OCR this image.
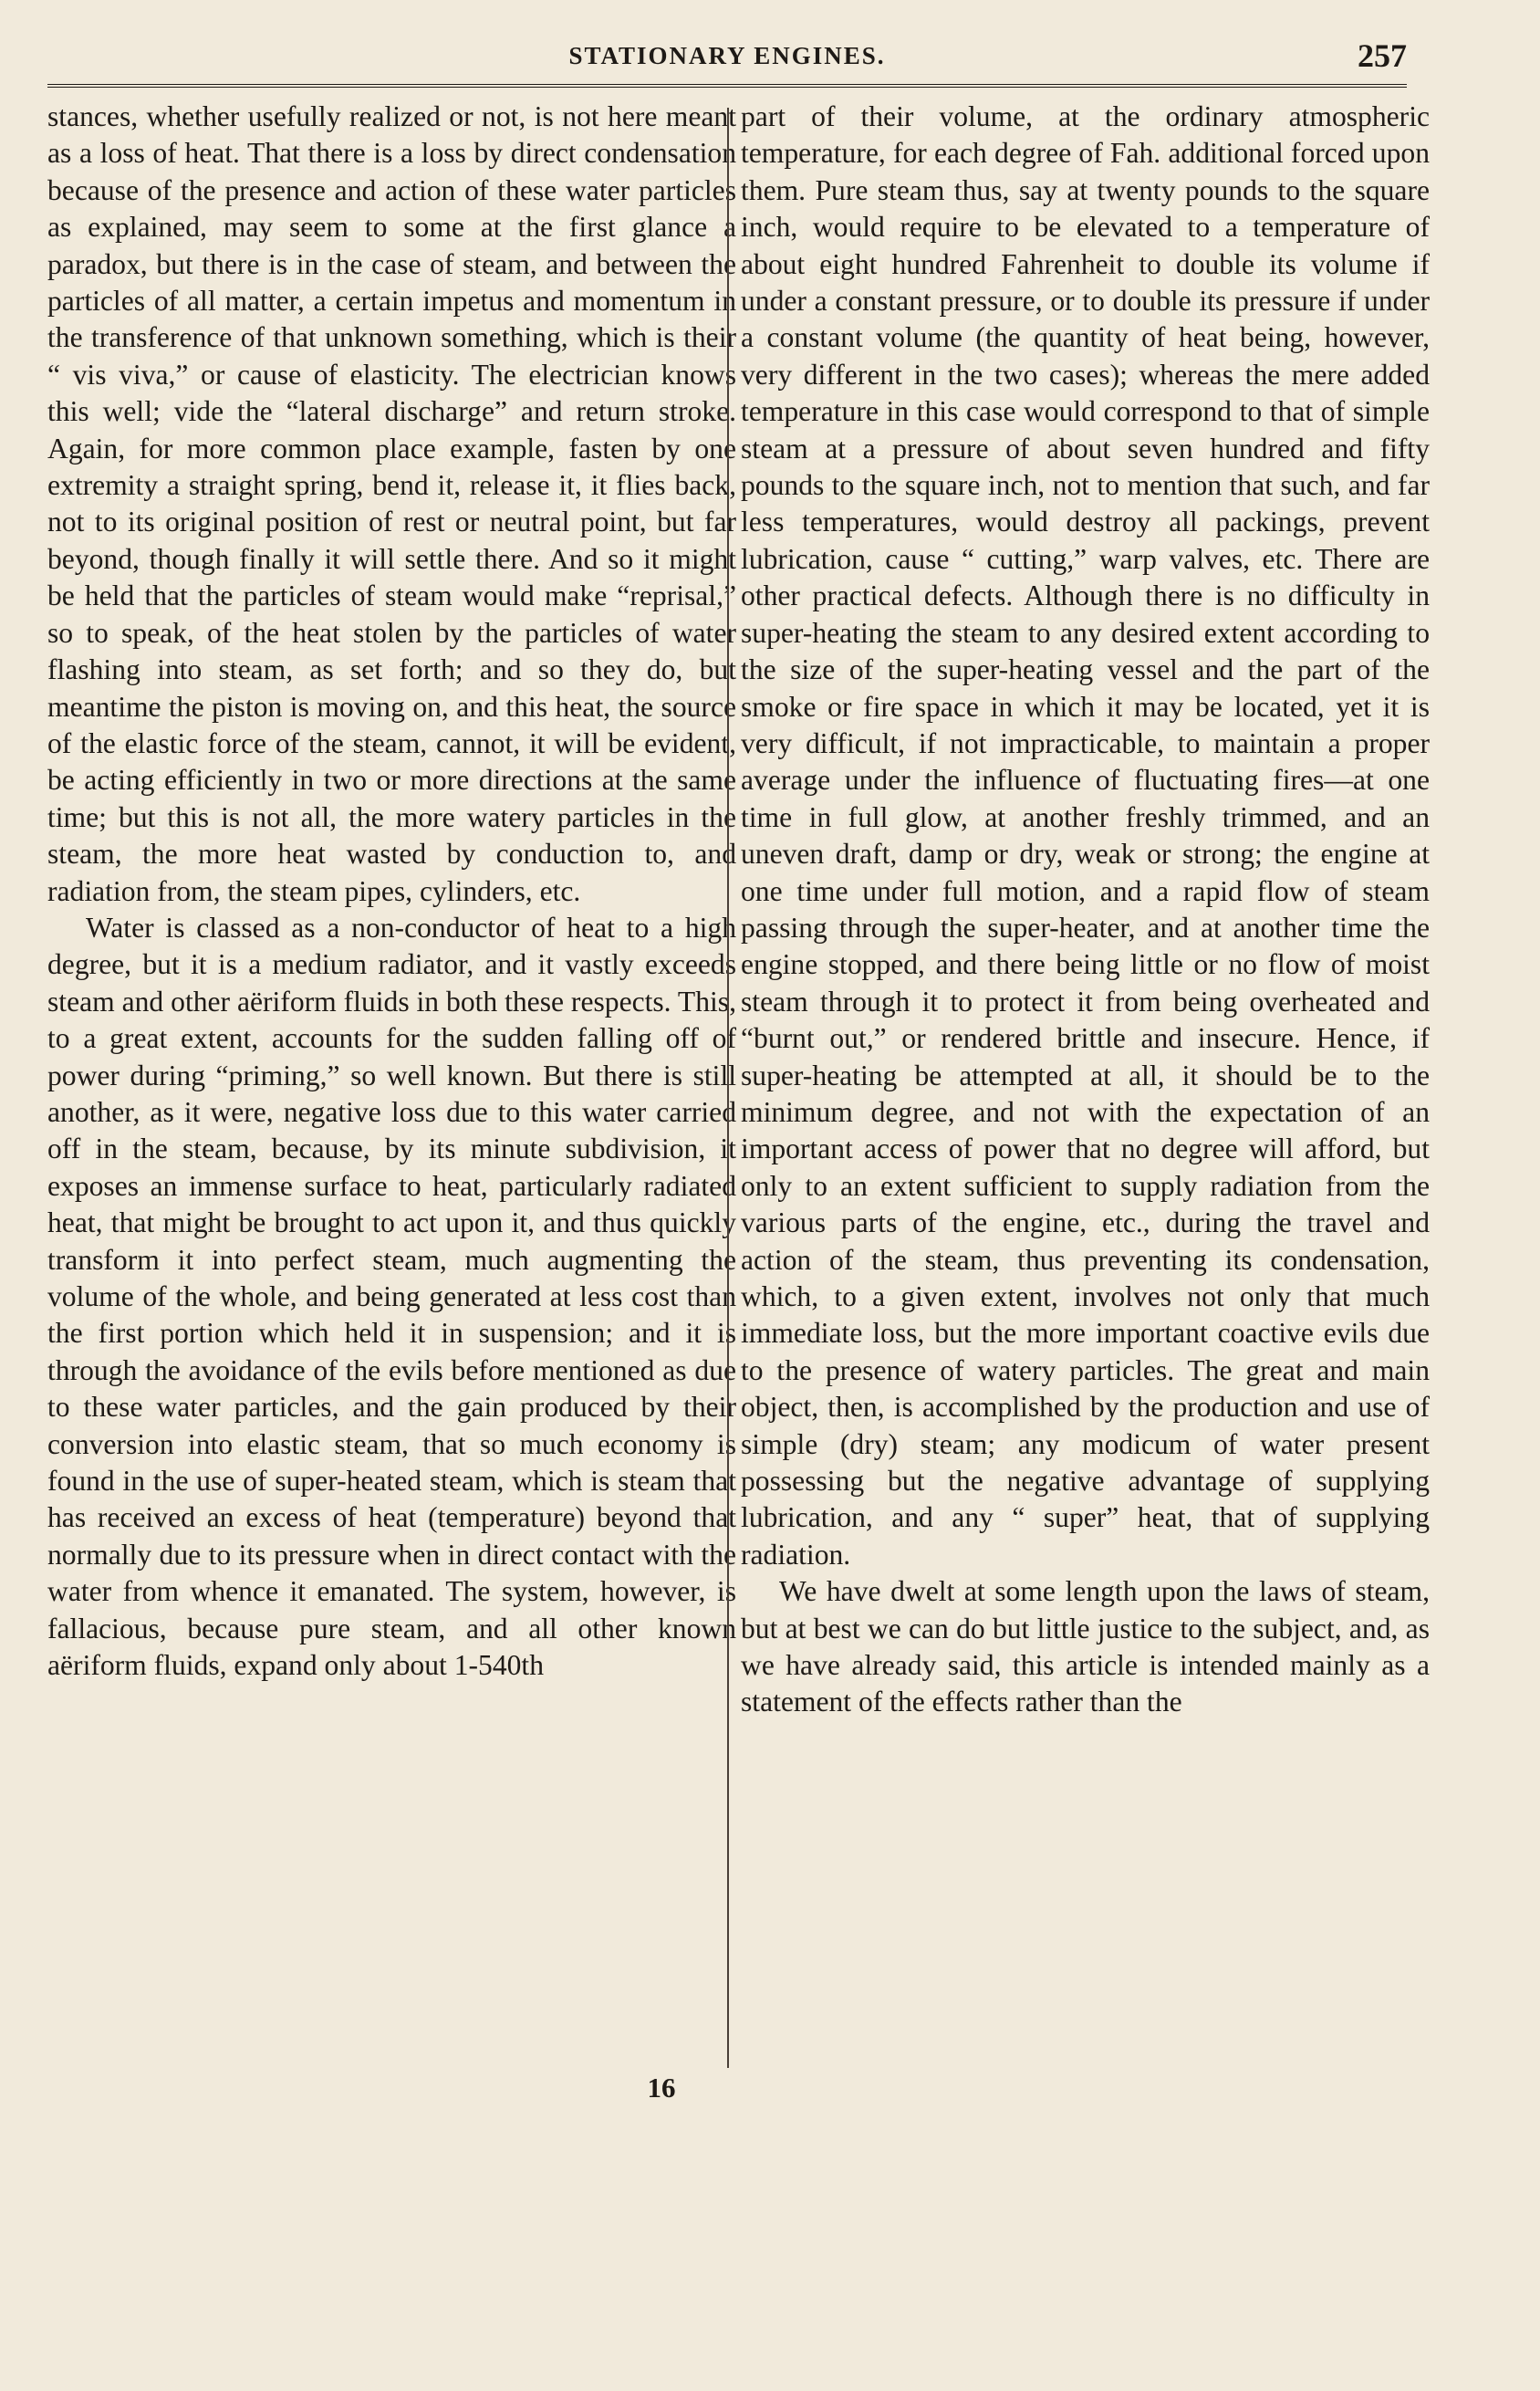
STATIONARY ENGINES.	257

stances, whether usefully realized or not, is not here meant as a loss of heat. That there is a loss by direct condensation because of the presence and action of these water particles as explained, may seem to some at the first glance a paradox, but there is in the case of steam, and between the particles of all matter, a certain impetus and momentum in the transference of that unknown something, which is their “ vis viva,” or cause of elasticity. The electrician knows this well; vide the “lateral discharge” and return stroke. Again, for more common place example, fasten by one extremity a straight spring, bend it, release it, it flies back, not to its original position of rest or neutral point, but far beyond, though finally it will settle there. And so it might be held that the particles of steam would make “reprisal,” so to speak, of the heat stolen by the particles of water flashing into steam, as set forth; and so they do, but meantime the piston is moving on, and this heat, the source of the elastic force of the steam, cannot, it will be evident, be acting efficiently in two or more directions at the same time; but this is not all, the more watery particles in the steam, the more heat wasted by conduction to, and radiation from, the steam pipes, cylinders, etc.

Water is classed as a non-conductor of heat to a high degree, but it is a medium radiator, and it vastly exceeds steam and other aëriform fluids in both these respects. This, to a great extent, accounts for the sudden falling off of power during “priming,” so well known. But there is still another, as it were, negative loss due to this water carried off in the steam, because, by its minute subdivision, it exposes an immense surface to heat, particularly radiated heat, that might be brought to act upon it, and thus quickly transform it into perfect steam, much augmenting the volume of the whole, and being generated at less cost than the first portion which held it in suspension; and it is through the avoidance of the evils before mentioned as due to these water particles, and the gain produced by their conversion into elastic steam, that so much economy is found in the use of super-heated steam, which is steam that has received an excess of heat (temperature) beyond that normally due to its pressure when in direct contact with the water from whence it emanated. The system, however, is fallacious, because pure steam, and all other known aëriform fluids, expand only about 1-540th

part of their volume, at the ordinary atmospheric temperature, for each degree of Fah. additional forced upon them. Pure steam thus, say at twenty pounds to the square inch, would require to be elevated to a temperature of about eight hundred Fahrenheit to double its volume if under a constant pressure, or to double its pressure if under a constant volume (the quantity of heat being, however, very different in the two cases); whereas the mere added temperature in this case would correspond to that of simple steam at a pressure of about seven hundred and fifty pounds to the square inch, not to mention that such, and far less temperatures, would destroy all packings, prevent lubrication, cause “ cutting,” warp valves, etc. There are other practical defects. Although there is no difficulty in super-heating the steam to any desired extent according to the size of the super-heating vessel and the part of the smoke or fire space in which it may be located, yet it is very difficult, if not impracticable, to maintain a proper average under the influence of fluctuating fires—at one time in full glow, at another freshly trimmed, and an uneven draft, damp or dry, weak or strong; the engine at one time under full motion, and a rapid flow of steam passing through the super-heater, and at another time the engine stopped, and there being little or no flow of moist steam through it to protect it from being overheated and “burnt out,” or rendered brittle and insecure. Hence, if super-heating be attempted at all, it should be to the minimum degree, and not with the expectation of an important access of power that no degree will afford, but only to an extent sufficient to supply radiation from the various parts of the engine, etc., during the travel and action of the steam, thus preventing its condensation, which, to a given extent, involves not only that much immediate loss, but the more important coactive evils due to the presence of watery particles. The great and main object, then, is accomplished by the production and use of simple (dry) steam; any modicum of water present possessing but the negative advantage of supplying lubrication, and any “ super” heat, that of supplying radiation.

We have dwelt at some length upon the laws of steam, but at best we can do but little justice to the subject, and, as we have already said, this article is intended mainly as a statement of the effects rather than the

16
